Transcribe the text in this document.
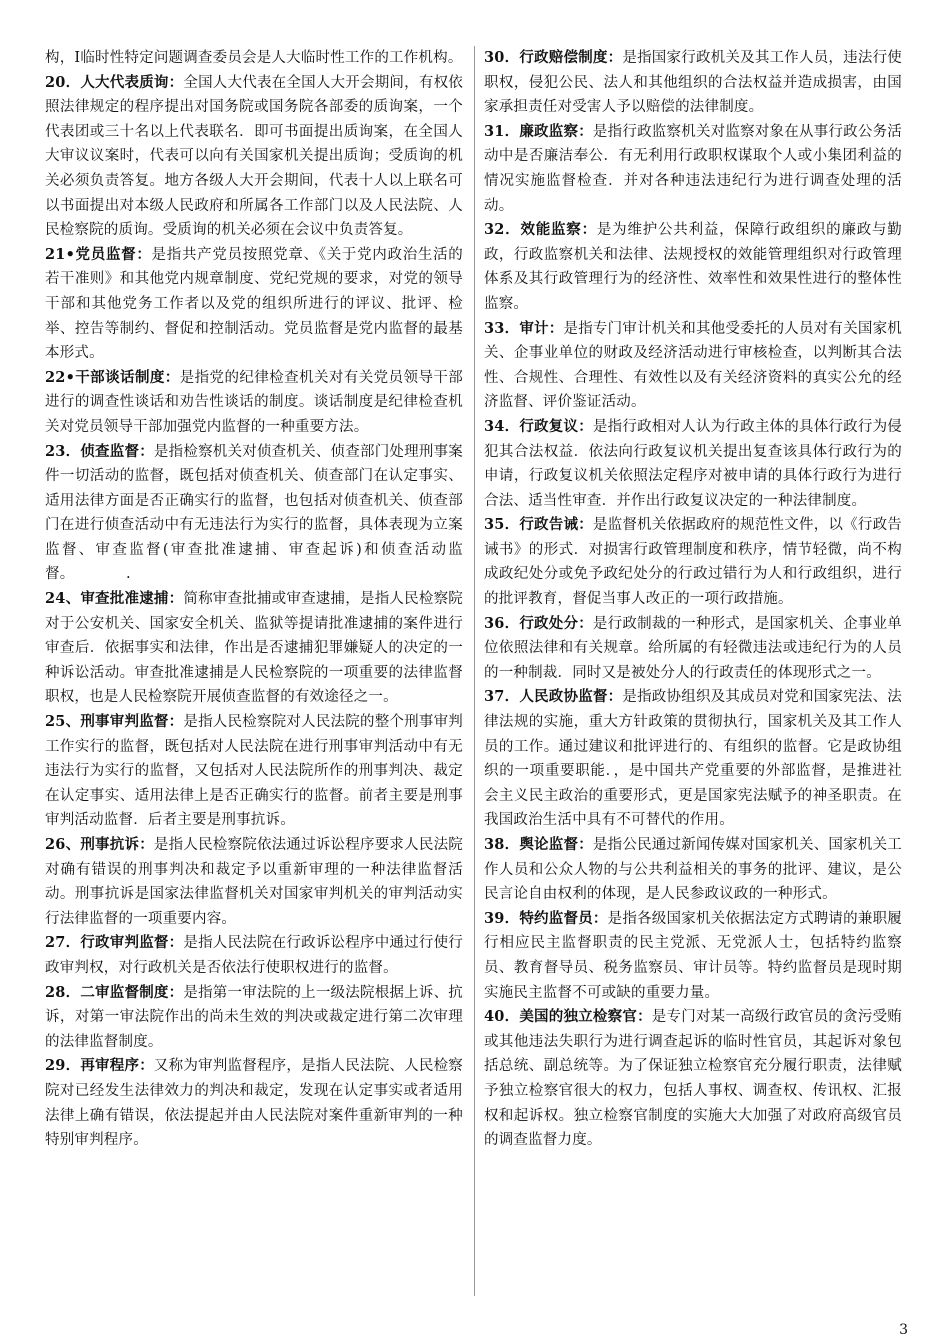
构，I临时性特定问题调查委员会是人大临时性工作的工作机构。

20．人大代表质询：全国人大代表在全国人大开会期间，有权依照法律规定的程序提出对国务院或国务院各部委的质询案，一个代表团或三十名以上代表联名．即可书面提出质询案，在全国人大审议议案时，代表可以向有关国家机关提出质询；受质询的机关必须负责答复。地方各级人大开会期间，代表十人以上联名可以书面提出对本级人民政府和所属各工作部门以及人民法院、人民检察院的质询。受质询的机关必须在会议中负责答复。

21•党员监督：是指共产党员按照党章、《关于党内政治生活的若干准则》和其他党内规章制度、党纪党规的要求，对党的领导干部和其他党务工作者以及党的组织所进行的评议、批评、检举、控告等制约、督促和控制活动。党员监督是党内监督的最基本形式。

22•干部谈话制度：是指党的纪律检查机关对有关党员领导干部进行的调查性谈话和劝告性谈话的制度。谈话制度是纪律检查机关对党员领导干部加强党内监督的一种重要方法。

23．侦查监督：是指检察机关对侦查机关、侦查部门处理刑事案件一切活动的监督，既包括对侦查机关、侦查部门在认定事实、适用法律方面是否正确实行的监督，也包括对侦查机关、侦查部门在进行侦查活动中有无违法行为实行的监督，具体表现为立案监督、审查监督(审查批准逮捕、审查起诉)和侦查活动监督。　　　　.

24、审查批准逮捕：简称审查批捕或审查逮捕，是指人民检察院对于公安机关、国家安全机关、监狱等提请批准逮捕的案件进行审查后．依据事实和法律，作出是否逮捕犯罪嫌疑人的决定的一种诉讼活动。审查批准逮捕是人民检察院的一项重要的法律监督职权，也是人民检察院开展侦查监督的有效途径之一。

25、刑事审判监督：是指人民检察院对人民法院的整个刑事审判工作实行的监督，既包括对人民法院在进行刑事审判活动中有无违法行为实行的监督，又包括对人民法院所作的刑事判决、裁定在认定事实、适用法律上是否正确实行的监督。前者主要是刑事审判活动监督．后者主要是刑事抗诉。

26、刑事抗诉：是指人民检察院依法通过诉讼程序要求人民法院对确有错误的刑事判决和裁定予以重新审理的一种法律监督活动。刑事抗诉是国家法律监督机关对国家审判机关的审判活动实行法律监督的一项重要内容。

27．行政审判监督：是指人民法院在行政诉讼程序中通过行使行政审判权，对行政机关是否依法行使职权进行的监督。

28．二审监督制度：是指第一审法院的上一级法院根据上诉、抗诉，对第一审法院作出的尚未生效的判决或裁定进行第二次审理的法律监督制度。

29．再审程序：又称为审判监督程序，是指人民法院、人民检察院对已经发生法律效力的判决和裁定，发现在认定事实或者适用法律上确有错误，依法提起并由人民法院对案件重新审判的一种特别审判程序。

30．行政赔偿制度：是指国家行政机关及其工作人员，违法行使职权，侵犯公民、法人和其他组织的合法权益并造成损害，由国家承担责任对受害人予以赔偿的法律制度。

31．廉政监察：是指行政监察机关对监察对象在从事行政公务活动中是否廉洁奉公．有无利用行政职权谋取个人或小集团利益的情况实施监督检查．并对各种违法违纪行为进行调查处理的活动。

32．效能监察：是为维护公共利益，保障行政组织的廉政与勤政，行政监察机关和法律、法规授权的效能管理组织对行政管理体系及其行政管理行为的经济性、效率性和效果性进行的整体性监察。

33．审计：是指专门审计机关和其他受委托的人员对有关国家机关、企事业单位的财政及经济活动进行审核检查，以判断其合法性、合规性、合理性、有效性以及有关经济资料的真实公允的经济监督、评价鉴证活动。

34．行政复议：是指行政相对人认为行政主体的具体行政行为侵犯其合法权益．依法向行政复议机关提出复查该具体行政行为的申请，行政复议机关依照法定程序对被申请的具体行政行为进行合法、适当性审查．并作出行政复议决定的一种法律制度。

35．行政告诫：是监督机关依据政府的规范性文件，以《行政告诫书》的形式．对损害行政管理制度和秩序，情节轻微，尚不构成政纪处分或免予政纪处分的行政过错行为人和行政组织，进行的批评教育，督促当事人改正的一项行政措施。

36．行政处分：是行政制裁的一种形式，是国家机关、企事业单位依照法律和有关规章。给所属的有轻微违法或违纪行为的人员的一种制裁．同时又是被处分人的行政责任的体现形式之一。

37．人民政协监督：是指政协组织及其成员对党和国家宪法、法律法规的实施，重大方针政策的贯彻执行，国家机关及其工作人员的工作。通过建议和批评进行的、有组织的监督。它是政协组织的一项重要职能．，是中国共产党重要的外部监督，是推进社会主义民主政治的重要形式，更是国家宪法赋予的神圣职责。在我国政治生活中具有不可替代的作用。

38．舆论监督：是指公民通过新闻传媒对国家机关、国家机关工作人员和公众人物的与公共利益相关的事务的批评、建议，是公民言论自由权利的体现，是人民参政议政的一种形式。

39．特约监督员：是指各级国家机关依据法定方式聘请的兼职履行相应民主监督职责的民主党派、无党派人士，包括特约监察员、教育督导员、税务监察员、审计员等。特约监督员是现时期实施民主监督不可或缺的重要力量。

40．美国的独立检察官：是专门对某一高级行政官员的贪污受贿或其他违法失职行为进行调查起诉的临时性官员，其起诉对象包括总统、副总统等。为了保证独立检察官充分履行职责，法律赋予独立检察官很大的权力，包括人事权、调查权、传讯权、汇报权和起诉权。独立检察官制度的实施大大加强了对政府高级官员的调查监督力度。

3
